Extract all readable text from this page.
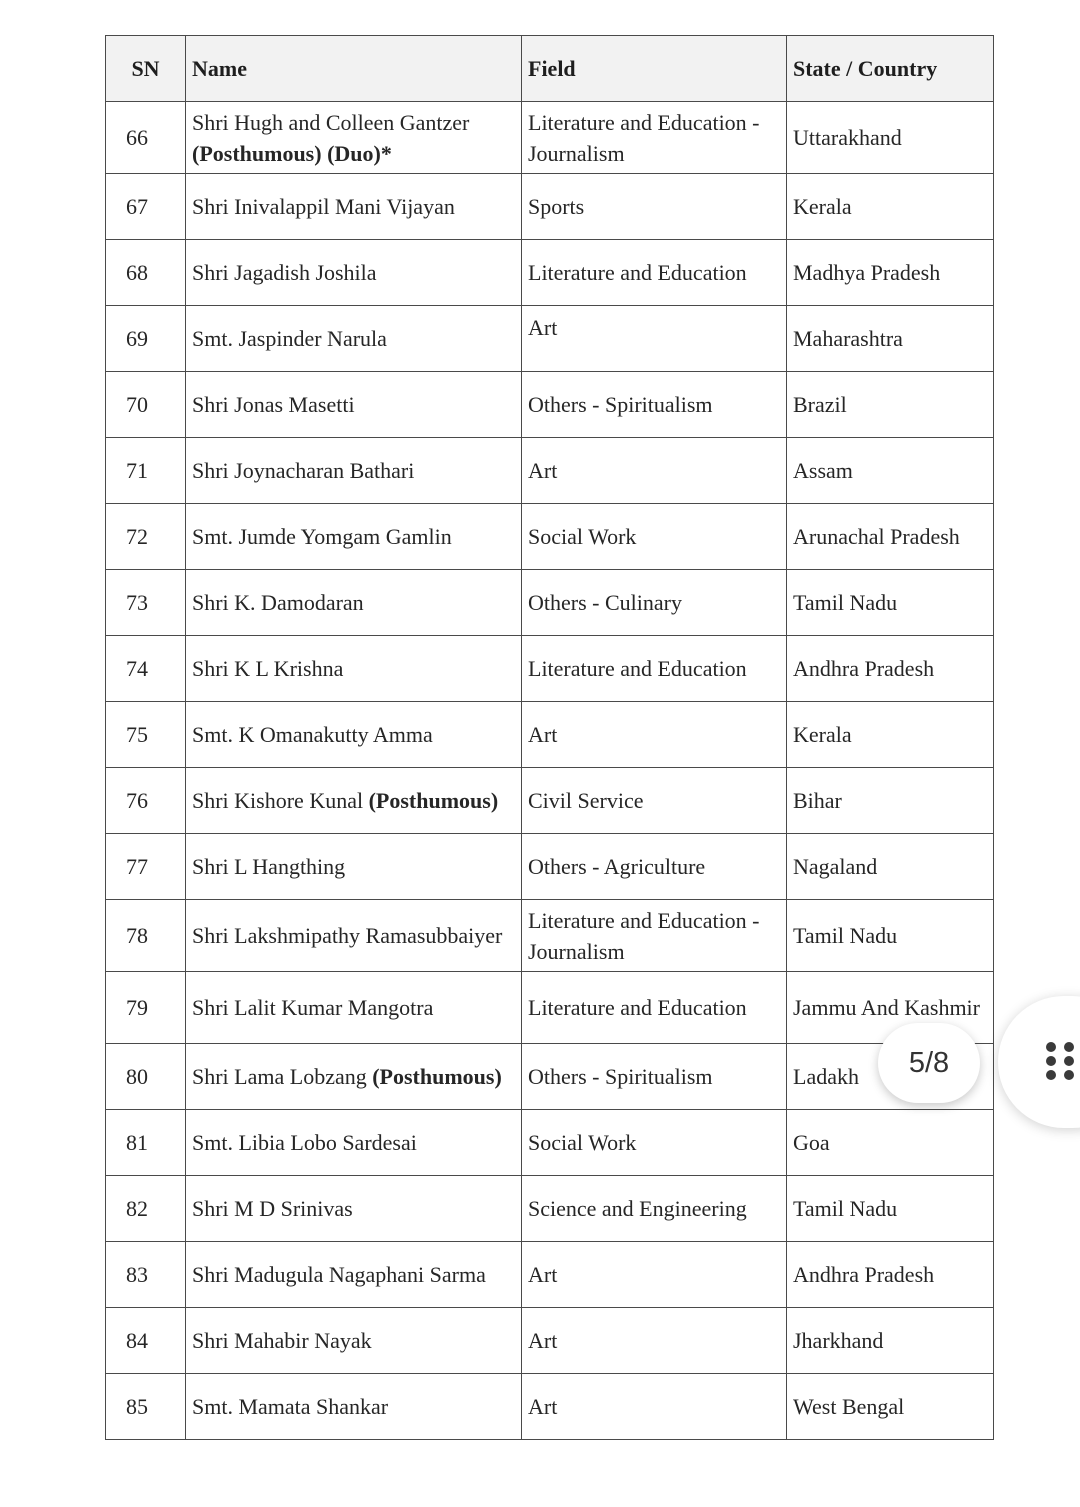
SN	Name	Field	State / Country
66	Shri Hugh and Colleen Gantzer (Posthumous) (Duo)*	Literature and Education - Journalism	Uttarakhand
67	Shri Inivalappil Mani Vijayan	Sports	Kerala
68	Shri Jagadish Joshila	Literature and Education	Madhya Pradesh
69	Smt. Jaspinder Narula	Art	Maharashtra
70	Shri Jonas Masetti	Others - Spiritualism	Brazil
71	Shri Joynacharan Bathari	Art	Assam
72	Smt. Jumde Yomgam Gamlin	Social Work	Arunachal Pradesh
73	Shri K. Damodaran	Others - Culinary	Tamil Nadu
74	Shri K L Krishna	Literature and Education	Andhra Pradesh
75	Smt. K Omanakutty Amma	Art	Kerala
76	Shri Kishore Kunal (Posthumous)	Civil Service	Bihar
77	Shri L Hangthing	Others - Agriculture	Nagaland
78	Shri Lakshmipathy Ramasubbaiyer	Literature and Education - Journalism	Tamil Nadu
79	Shri Lalit Kumar Mangotra	Literature and Education	Jammu And Kashmir
80	Shri Lama Lobzang (Posthumous)	Others - Spiritualism	Ladakh
81	Smt. Libia Lobo Sardesai	Social Work	Goa
82	Shri M D Srinivas	Science and Engineering	Tamil Nadu
83	Shri Madugula Nagaphani Sarma	Art	Andhra Pradesh
84	Shri Mahabir Nayak	Art	Jharkhand
85	Smt. Mamata Shankar	Art	West Bengal
5/8
